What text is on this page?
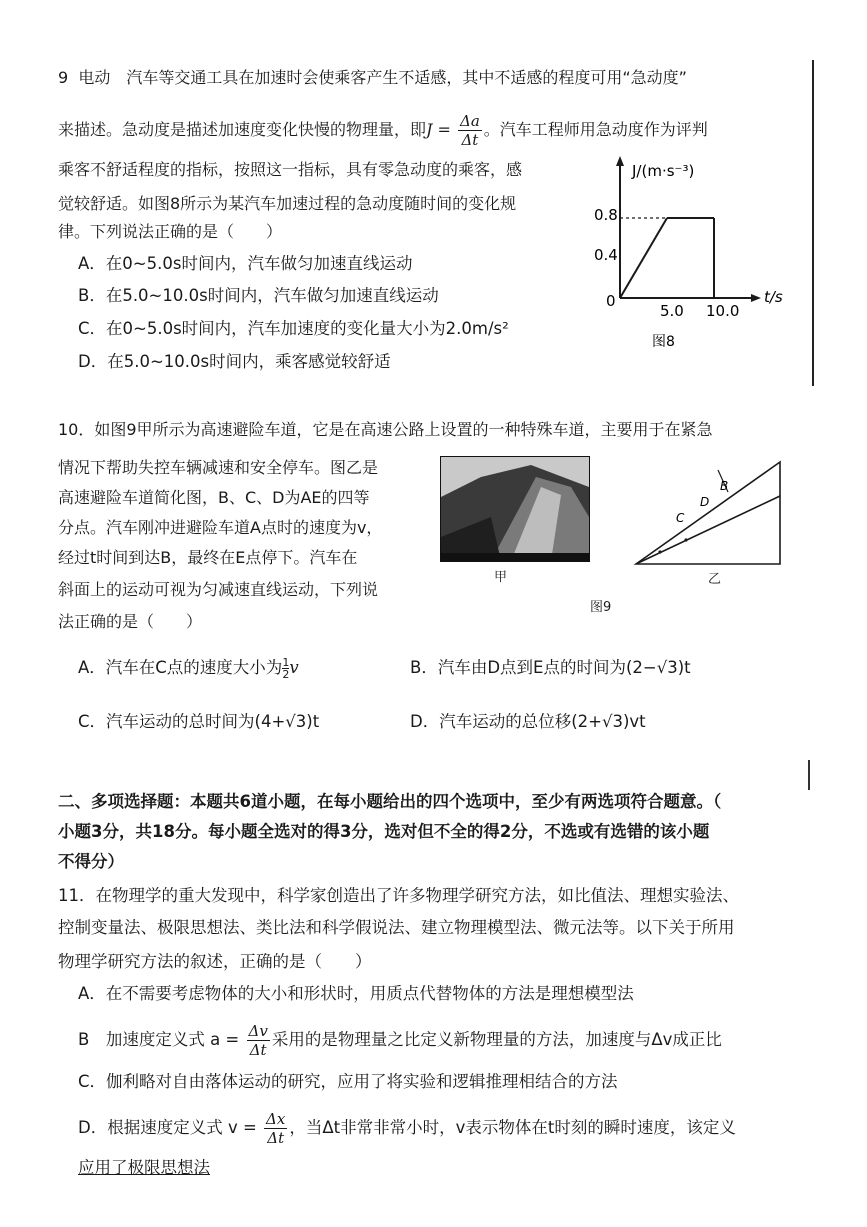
9 电动　汽车等交通工具在加速时会使乘客产生不适感，其中不适感的程度可用“急动度”
来描述。急动度是描述加速度变化快慢的物理量，即$J = \frac{\Delta a}{\Delta t}$ 。汽车工程师用急动度作为评判
乘客不舒适程度的指标，按照这一指标，具有零急动度的乘客，感
觉较舒适。如图8所示为某汽车加速过程的急动度随时间的变化规
律。下列说法正确的是（　　）
A．在0~5.0s时间内，汽车做匀加速直线运动
B．在5.0~10.0s时间内，汽车做匀加速直线运动
C．在0~5.0s时间内，汽车加速度的变化量大小为2.0m/s²
D．在5.0~10.0s时间内，乘客感觉较舒适
J/(m·s⁻³)
t/s
0.8
0.4
0
5.0 10.0
图8
10．如图9甲所示为高速避险车道，它是在高速公路上设置的一种特殊车道，主要用于在紧急
情况下帮助失控车辆减速和安全停车。图乙是
高速避险车道简化图，B、C、D为AE的四等
分点。汽车刚冲进避险车道A点时的速度为v，
经过t时间到达B，最终在E点停下。汽车在
斜面上的运动可视为匀减速直线运动，下列说
法正确的是（　　）
甲
B
D
C
乙
图9
A．汽车在C点的速度大小为 $\frac{1}{2}v$	B．汽车由D点到E点的时间为(2−√3)t
C．汽车运动的总时间为(4+√3)t	D．汽车运动的总位移(2+√3)vt
二、多项选择题：本题共6道小题，在每小题给出的四个选项中，至少有两选项符合题意。（
小题3分，共18分。每小题全选对的得3分，选对但不全的得2分，不选或有选错的该小题
不得分）
11．在物理学的重大发现中，科学家创造出了许多物理学研究方法，如比值法、理想实验法、
控制变量法、极限思想法、类比法和科学假说法、建立物理模型法、微元法等。以下关于所用
物理学研究方法的叙述，正确的是（　　）
A．在不需要考虑物体的大小和形状时，用质点代替物体的方法是理想模型法
B　加速度定义式 $a = \frac{\Delta v}{\Delta t}$ 采用的是物理量之比定义新物理量的方法，加速度与Δv成正比
C．伽利略对自由落体运动的研究，应用了将实验和逻辑推理相结合的方法
D．根据速度定义式 $v = \frac{\Delta x}{\Delta t}$ ，当Δt非常非常小时，v表示物体在t时刻的瞬时速度，该定义
应用了极限思想法
